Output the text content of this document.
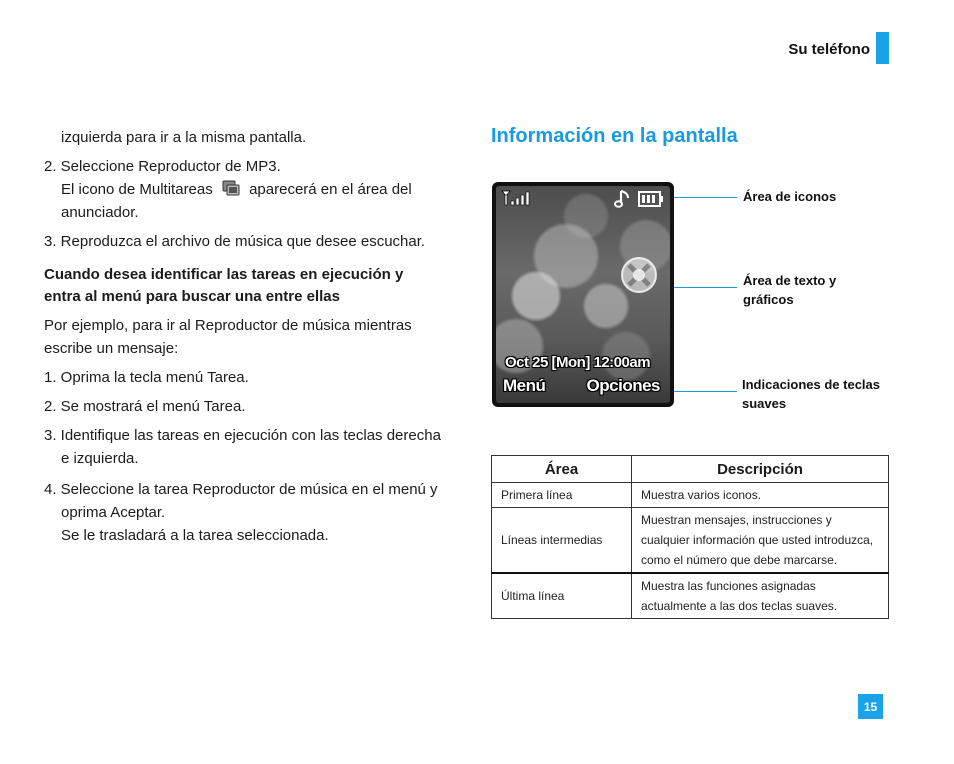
Su teléfono

izquierda para ir a la misma pantalla.

2. Seleccione Reproductor de MP3.

El icono de Multitareas aparecerá en el área del anunciador.

3. Reproduzca el archivo de música que desee escuchar.

Cuando desea identificar las tareas en ejecución y entra al menú para buscar una entre ellas

Por ejemplo, para ir al Reproductor de música mientras escribe un mensaje:

1. Oprima la tecla menú Tarea.

2. Se mostrará el menú Tarea.

3. Identifique las tareas en ejecución con las teclas derecha e izquierda.

4. Seleccione la tarea Reproductor de música en el menú y oprima Aceptar.

Se le trasladará a la tarea seleccionada.

Información en la pantalla
Oct 25 [Mon] 12:00am
Menú Opciones
Área de iconos
Área de texto y gráficos
Indicaciones de teclas suaves
Área	Descripción
Primera línea	Muestra varios iconos.
Líneas intermedias	Muestran mensajes, instrucciones y cualquier información que usted introduzca, como el número que debe marcarse.
Última línea	Muestra las funciones asignadas actualmente a las dos teclas suaves.
15
